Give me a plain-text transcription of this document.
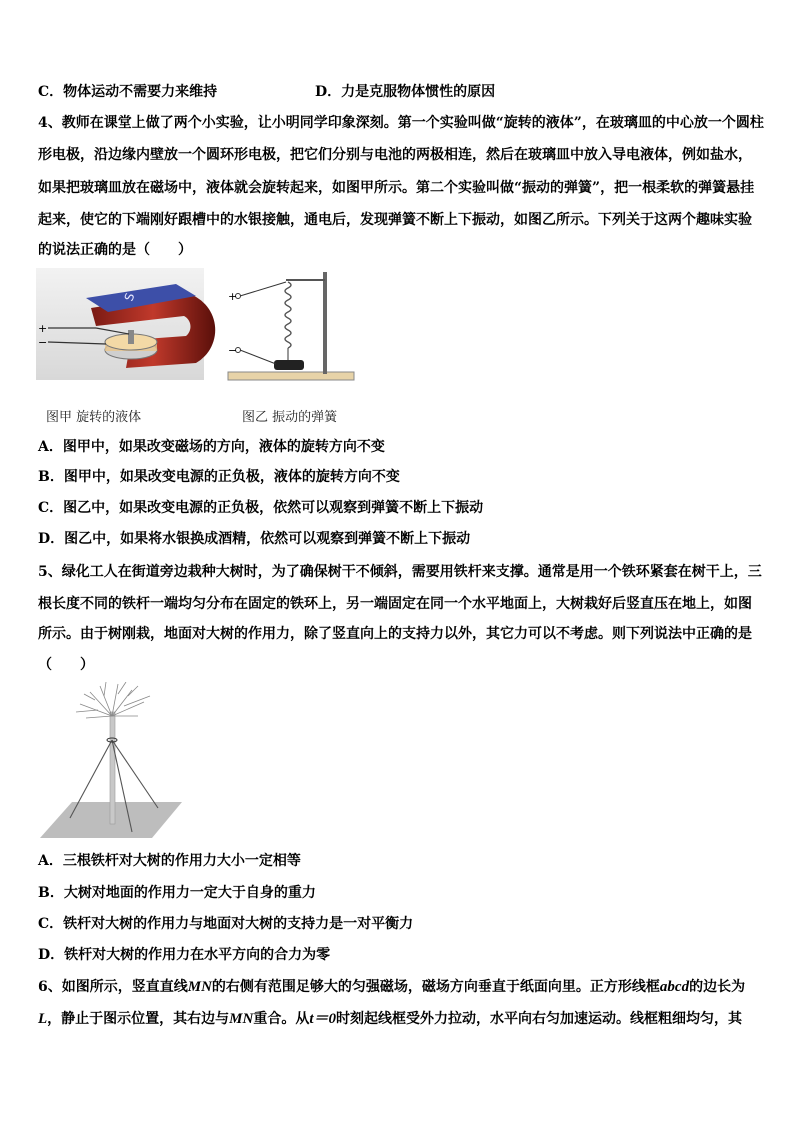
C．物体运动不需要力来维持	D．力是克服物体惯性的原因
4、教师在课堂上做了两个小实验，让小明同学印象深刻。第一个实验叫做“旋转的液体”，在玻璃皿的中心放一个圆柱
形电极，沿边缘内壁放一个圆环形电极，把它们分别与电池的两极相连，然后在玻璃皿中放入导电液体，例如盐水，
如果把玻璃皿放在磁场中，液体就会旋转起来，如图甲所示。第二个实验叫做“振动的弹簧”，把一根柔软的弹簧悬挂
起来，使它的下端刚好跟槽中的水银接触，通电后，发现弹簧不断上下振动，如图乙所示。下列关于这两个趣味实验
的说法正确的是（　　）
S
+
−
+
−
图甲 旋转的液体	图乙 振动的弹簧
A．图甲中，如果改变磁场的方向，液体的旋转方向不变
B．图甲中，如果改变电源的正负极，液体的旋转方向不变
C．图乙中，如果改变电源的正负极，依然可以观察到弹簧不断上下振动
D．图乙中，如果将水银换成酒精，依然可以观察到弹簧不断上下振动
5、绿化工人在街道旁边栽种大树时，为了确保树干不倾斜，需要用铁杆来支撑。通常是用一个铁环紧套在树干上，三
根长度不同的铁杆一端均匀分布在固定的铁环上，另一端固定在同一个水平地面上，大树栽好后竖直压在地上，如图
所示。由于树刚栽，地面对大树的作用力，除了竖直向上的支持力以外，其它力可以不考虑。则下列说法中正确的是
（　　）
A．三根铁杆对大树的作用力大小一定相等
B．大树对地面的作用力一定大于自身的重力
C．铁杆对大树的作用力与地面对大树的支持力是一对平衡力
D．铁杆对大树的作用力在水平方向的合力为零
6、如图所示，竖直直线MN的右侧有范围足够大的匀强磁场，磁场方向垂直于纸面向里。正方形线框abcd的边长为
L，静止于图示位置，其右边与MN重合。从t＝0时刻起线框受外力拉动，水平向右匀加速运动。线框粗细均匀，其
